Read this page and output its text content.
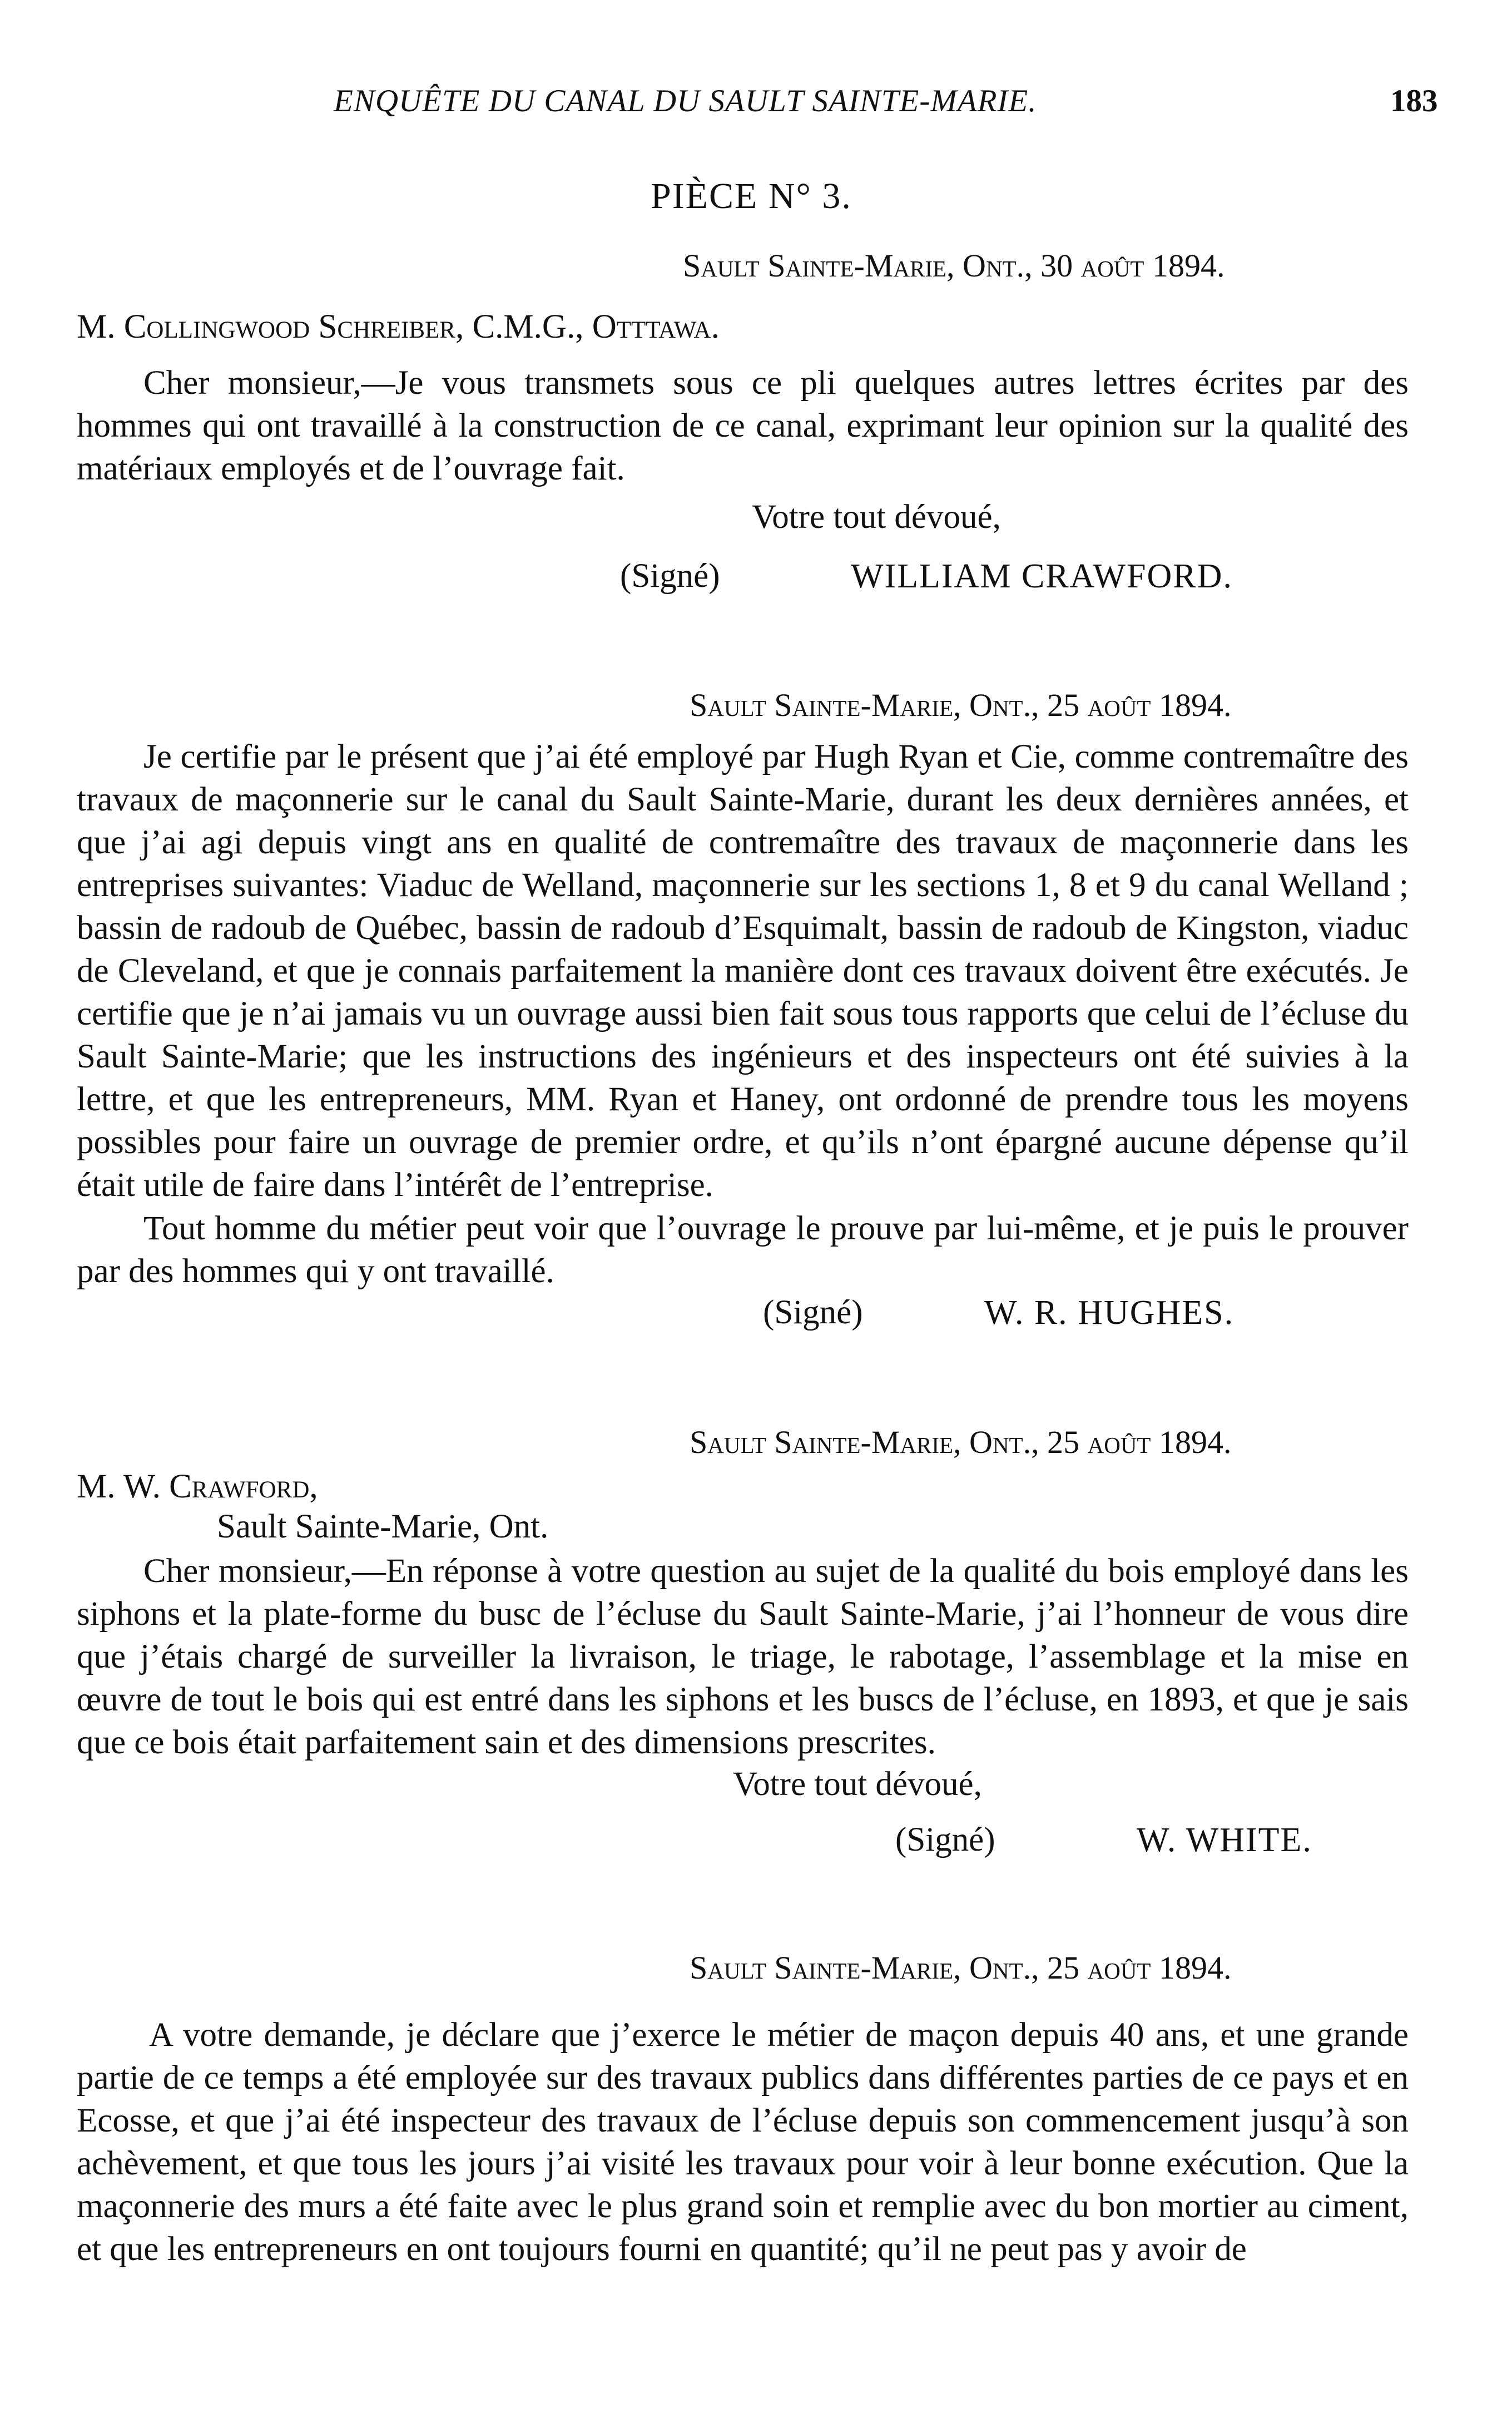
ENQUÊTE DU CANAL DU SAULT SAINTE-MARIE.	183
PIÈCE N° 3.
Sault Sainte-Marie, Ont., 30 août 1894.
M. Collingwood Schreiber, C.M.G., Otttawa.
Cher monsieur,—Je vous transmets sous ce pli quelques autres lettres écrites par des hommes qui ont travaillé à la construction de ce canal, exprimant leur opinion sur la qualité des matériaux employés et de l’ouvrage fait.
Votre tout dévoué,
(Signé)	WILLIAM CRAWFORD.
Sault Sainte-Marie, Ont., 25 août 1894.
Je certifie par le présent que j’ai été employé par Hugh Ryan et Cie, comme contremaître des travaux de maçonnerie sur le canal du Sault Sainte-Marie, durant les deux dernières années, et que j’ai agi depuis vingt ans en qualité de contremaître des travaux de maçonnerie dans les entreprises suivantes: Viaduc de Welland, maçonnerie sur les sections 1, 8 et 9 du canal Welland ; bassin de radoub de Québec, bassin de radoub d’Esquimalt, bassin de radoub de Kingston, viaduc de Cleveland, et que je connais parfaitement la manière dont ces travaux doivent être exécutés. Je certifie que je n’ai jamais vu un ouvrage aussi bien fait sous tous rapports que celui de l’écluse du Sault Sainte-Marie; que les instructions des ingénieurs et des inspecteurs ont été suivies à la lettre, et que les entrepreneurs, MM. Ryan et Haney, ont ordonné de prendre tous les moyens possibles pour faire un ouvrage de premier ordre, et qu’ils n’ont épargné aucune dépense qu’il était utile de faire dans l’intérêt de l’entreprise.
Tout homme du métier peut voir que l’ouvrage le prouve par lui-même, et je puis le prouver par des hommes qui y ont travaillé.
(Signé)	W. R. HUGHES.
Sault Sainte-Marie, Ont., 25 août 1894.
M. W. Crawford,
Sault Sainte-Marie, Ont.
Cher monsieur,—En réponse à votre question au sujet de la qualité du bois employé dans les siphons et la plate-forme du busc de l’écluse du Sault Sainte-Marie, j’ai l’honneur de vous dire que j’étais chargé de surveiller la livraison, le triage, le rabotage, l’assemblage et la mise en œuvre de tout le bois qui est entré dans les siphons et les buscs de l’écluse, en 1893, et que je sais que ce bois était parfaitement sain et des dimensions prescrites.
Votre tout dévoué,
(Signé)	W. WHITE.
Sault Sainte-Marie, Ont., 25 août 1894.
A votre demande, je déclare que j’exerce le métier de maçon depuis 40 ans, et une grande partie de ce temps a été employée sur des travaux publics dans différentes parties de ce pays et en Ecosse, et que j’ai été inspecteur des travaux de l’écluse depuis son commencement jusqu’à son achèvement, et que tous les jours j’ai visité les travaux pour voir à leur bonne exécution. Que la maçonnerie des murs a été faite avec le plus grand soin et remplie avec du bon mortier au ciment, et que les entrepreneurs en ont toujours fourni en quantité; qu’il ne peut pas y avoir de
